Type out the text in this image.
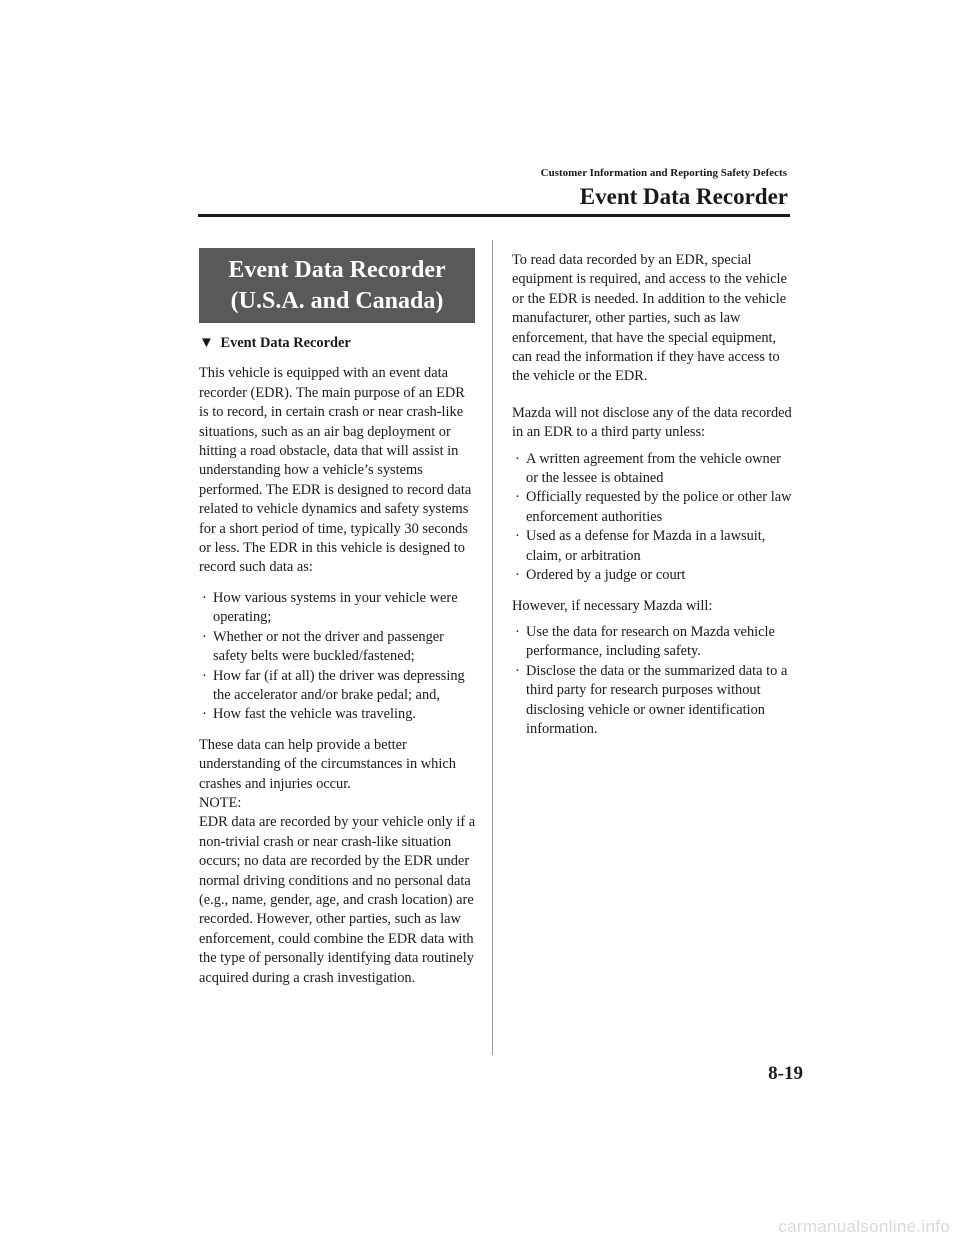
Customer Information and Reporting Safety Defects
Event Data Recorder
Event Data Recorder
(U.S.A. and Canada)
▼ Event Data Recorder

This vehicle is equipped with an event data recorder (EDR). The main purpose of an EDR is to record, in certain crash or near crash-like situations, such as an air bag deployment or hitting a road obstacle, data that will assist in understanding how a vehicle’s systems performed. The EDR is designed to record data related to vehicle dynamics and safety systems for a short period of time, typically 30 seconds or less. The EDR in this vehicle is designed to record such data as:

· How various systems in your vehicle were operating;
· Whether or not the driver and passenger safety belts were buckled/fastened;
· How far (if at all) the driver was depressing the accelerator and/or brake pedal; and,
· How fast the vehicle was traveling.

These data can help provide a better understanding of the circumstances in which crashes and injuries occur.

NOTE:

EDR data are recorded by your vehicle only if a non-trivial crash or near crash-like situation occurs; no data are recorded by the EDR under normal driving conditions and no personal data (e.g., name, gender, age, and crash location) are recorded. However, other parties, such as law enforcement, could combine the EDR data with the type of personally identifying data routinely acquired during a crash investigation.

To read data recorded by an EDR, special equipment is required, and access to the vehicle or the EDR is needed. In addition to the vehicle manufacturer, other parties, such as law enforcement, that have the special equipment, can read the information if they have access to the vehicle or the EDR.

Mazda will not disclose any of the data recorded in an EDR to a third party unless:

· A written agreement from the vehicle owner or the lessee is obtained
· Officially requested by the police or other law enforcement authorities
· Used as a defense for Mazda in a lawsuit, claim, or arbitration
· Ordered by a judge or court

However, if necessary Mazda will:

· Use the data for research on Mazda vehicle performance, including safety.
· Disclose the data or the summarized data to a third party for research purposes without disclosing vehicle or owner identification information.
8-19
carmanualsonline.info
